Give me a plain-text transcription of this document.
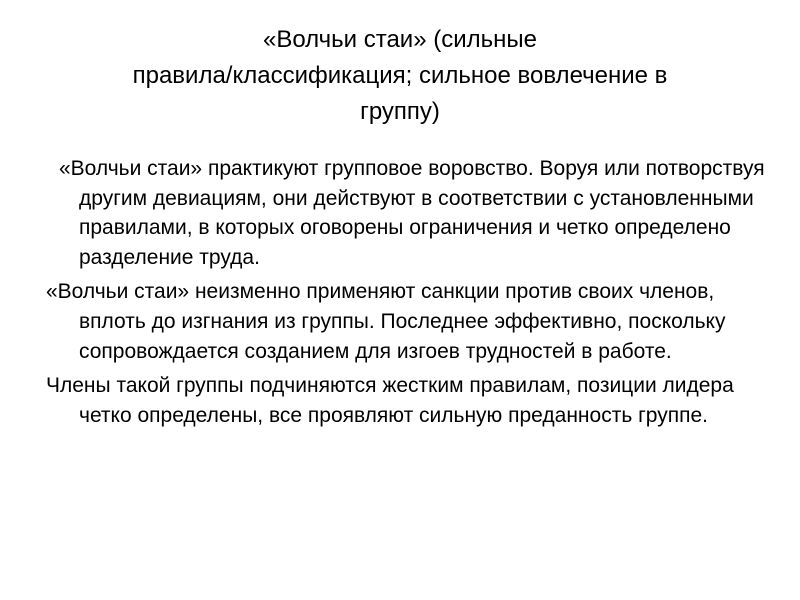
«Волчьи стаи» (сильные
правила/классификация; сильное вовлечение в
группу)

«Волчьи стаи» практикуют групповое воровство. Воруя или потворствуя другим девиациям, они действуют в соответствии с установленными правилами, в которых оговорены ограничения и четко определено разделение труда.

«Волчьи стаи» неизменно применяют санкции против своих членов, вплоть до изгнания из группы. Последнее эффективно, поскольку сопровождается созданием для изгоев трудностей в работе.

Члены такой группы подчиняются жестким правилам, позиции лидера четко определены, все проявляют сильную преданность группе.
